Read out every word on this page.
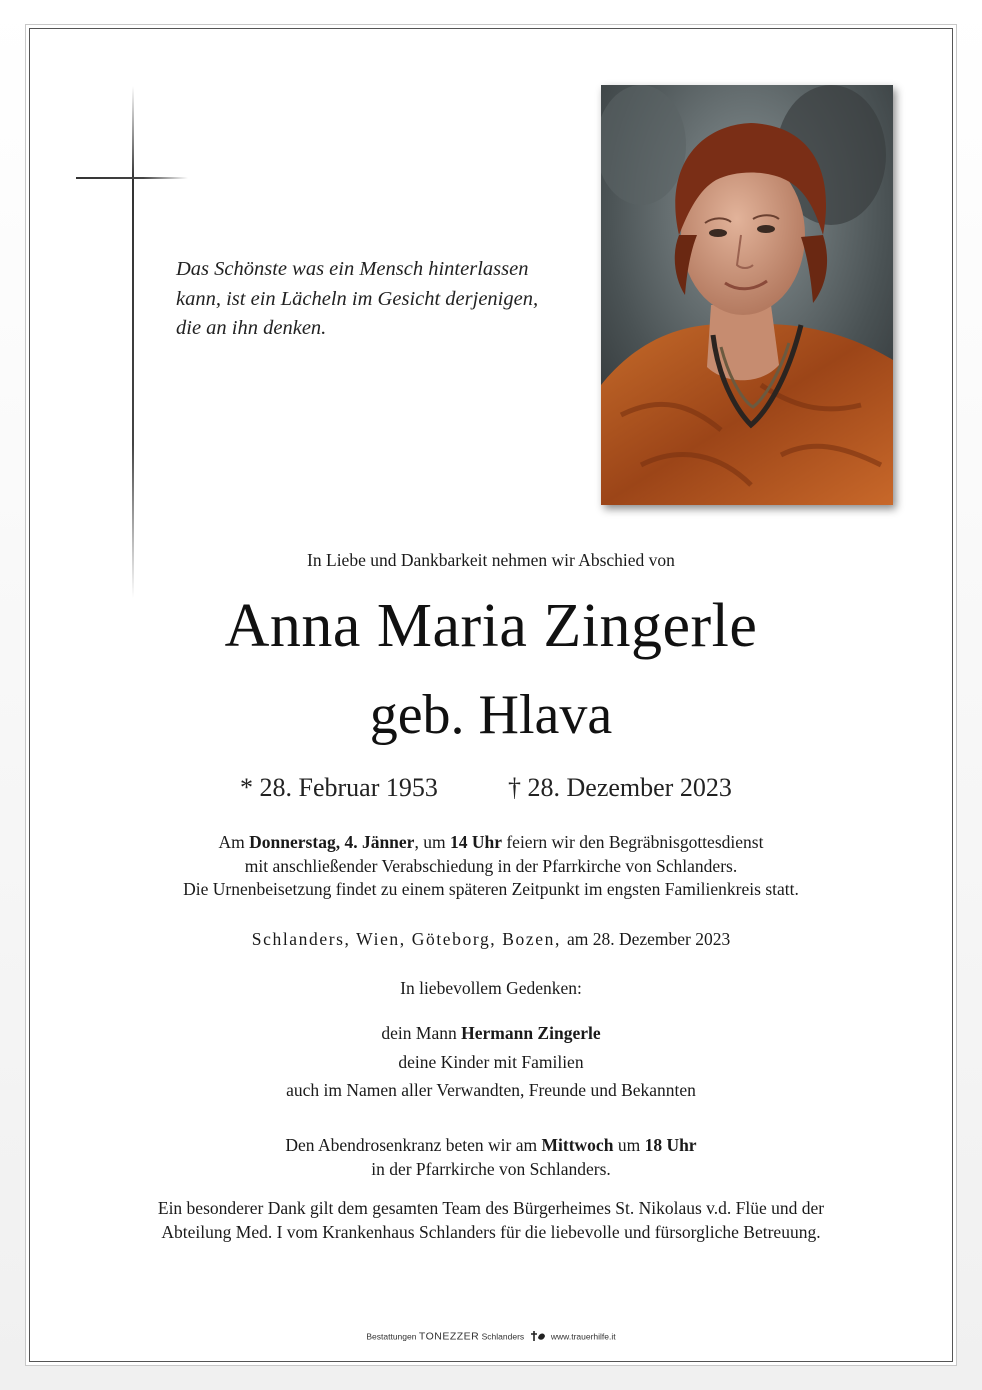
Das Schönste was ein Mensch hinterlassen
kann, ist ein Lächeln im Gesicht derjenigen,
die an ihn denken.
In Liebe und Dankbarkeit nehmen wir Abschied von
Anna Maria Zingerle
geb. Hlava
* 28. Februar 1953	† 28. Dezember 2023
Am Donnerstag, 4. Jänner, um 14 Uhr feiern wir den Begräbnisgottesdienst
mit anschließender Verabschiedung in der Pfarrkirche von Schlanders.
Die Urnenbeisetzung findet zu einem späteren Zeitpunkt im engsten Familienkreis statt.
Schlanders, Wien, Göteborg, Bozen, am 28. Dezember 2023
In liebevollem Gedenken:
dein Mann Hermann Zingerle
deine Kinder mit Familien
auch im Namen aller Verwandten, Freunde und Bekannten
Den Abendrosenkranz beten wir am Mittwoch um 18 Uhr
in der Pfarrkirche von Schlanders.
Ein besonderer Dank gilt dem gesamten Team des Bürgerheimes St. Nikolaus v.d. Flüe und der
Abteilung Med. I vom Krankenhaus Schlanders für die liebevolle und fürsorgliche Betreuung.
Bestattungen TONEZZER Schlanders	www.trauerhilfe.it
